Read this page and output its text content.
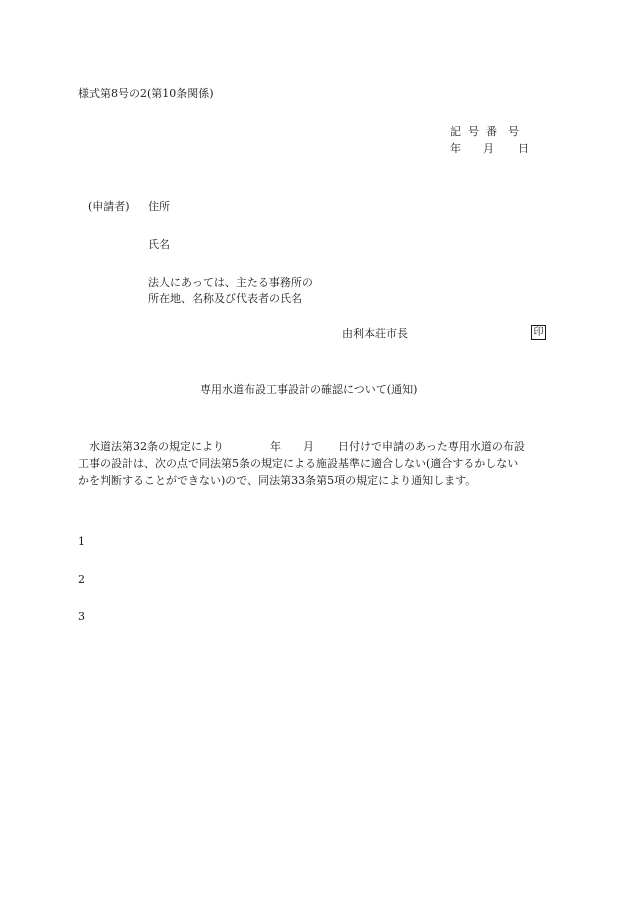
様式第8号の2(第10条関係)
記 号 番 号
年 月 日
(申請者) 住所
氏名
法人にあっては、主たる事務所の
所在地、名称及び代表者の氏名
由利本荘市長	印
専用水道布設工事設計の確認について(通知)
水道法第32条の規定により	年 月 日付けで申請のあった専用水道の布設
工事の設計は、次の点で同法第5条の規定による施設基準に適合しない(適合するかしない
かを判断することができない)ので、同法第33条第5項の規定により通知します。
1
2
3
